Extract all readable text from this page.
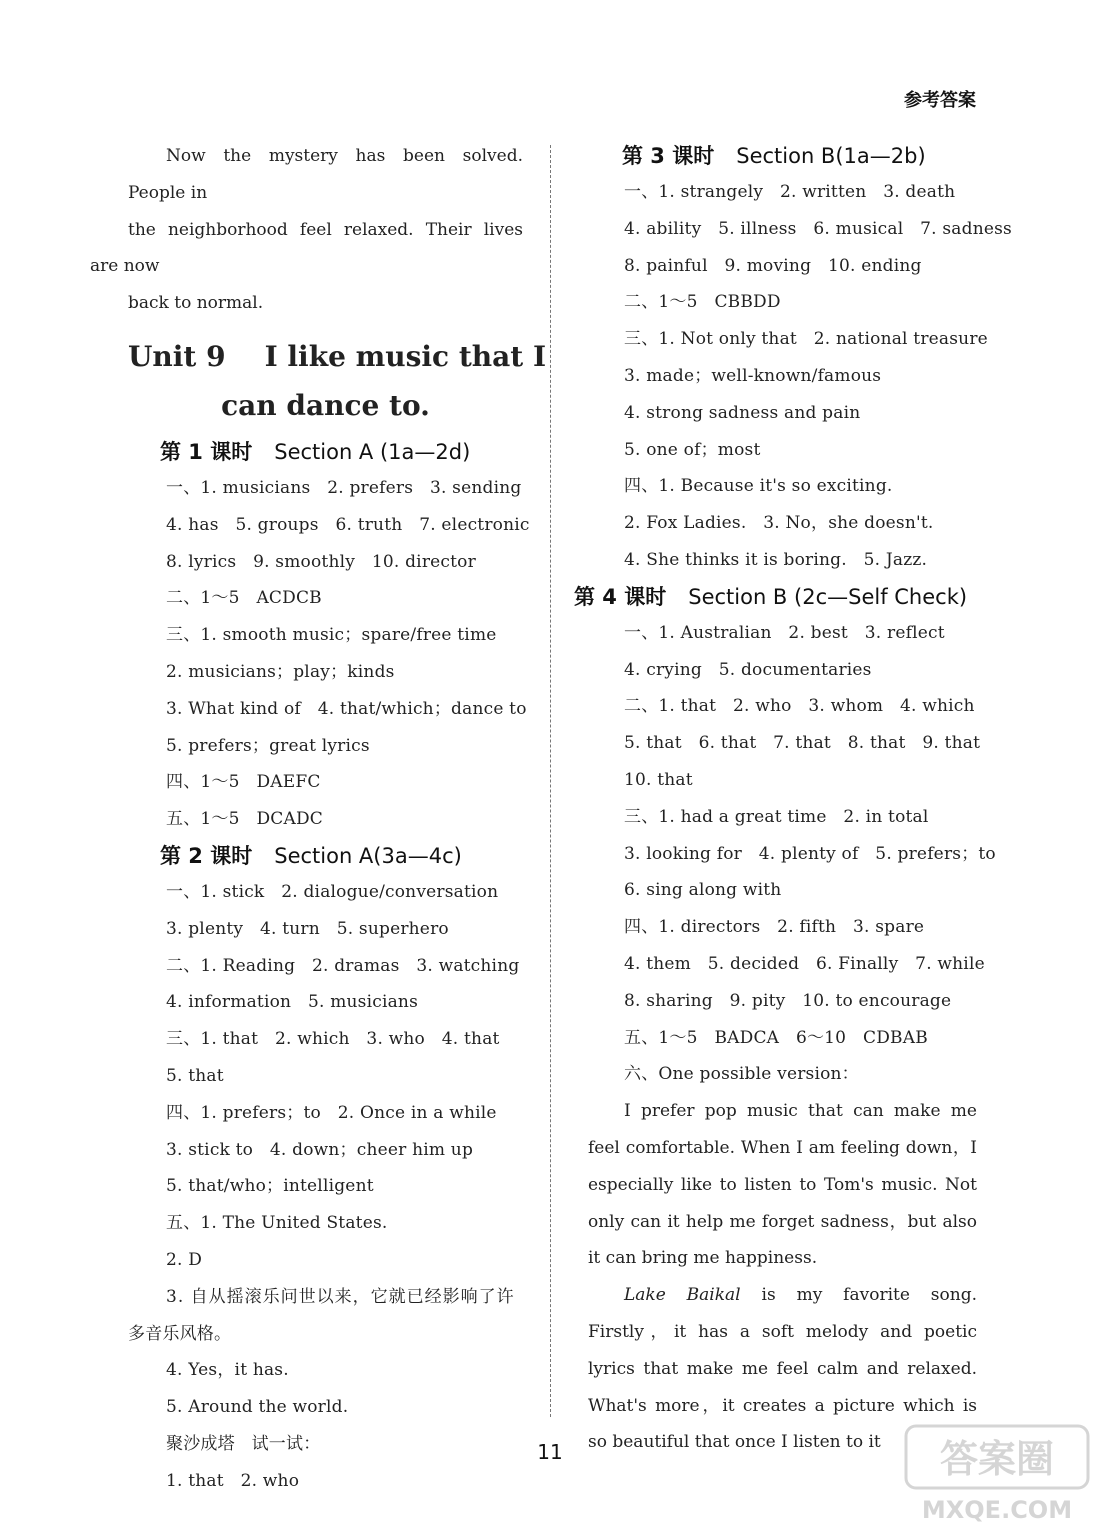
参考答案
Now the mystery has been solved. People in
the neighborhood feel relaxed. Their lives are now
back to normal.
Unit 9    I like music that I
can dance to.
第 1 课时 Section A (1a—2d)
一、1. musicians   2. prefers   3. sending
4. has   5. groups   6. truth   7. electronic
8. lyrics   9. smoothly   10. director
二、1～5   ACDCB
三、1. smooth music；spare/free time
2. musicians；play；kinds
3. What kind of   4. that/which；dance to
5. prefers；great lyrics
四、1～5   DAEFC
五、1～5   DCADC
第 2 课时 Section A(3a—4c)
一、1. stick   2. dialogue/conversation
3. plenty   4. turn   5. superhero
二、1. Reading   2. dramas   3. watching
4. information   5. musicians
三、1. that   2. which   3. who   4. that
5. that
四、1. prefers；to   2. Once in a while
3. stick to   4. down；cheer him up
5. that/who；intelligent
五、1. The United States.
2. D
3. 自从摇滚乐问世以来，它就已经影响了许
多音乐风格。
4. Yes，it has.
5. Around the world.
聚沙成塔   试一试：
1. that   2. who
第 3 课时 Section B(1a—2b)
一、1. strangely   2. written   3. death
4. ability   5. illness   6. musical   7. sadness
8. painful   9. moving   10. ending
二、1～5   CBBDD
三、1. Not only that   2. national treasure
3. made；well-known/famous
4. strong sadness and pain
5. one of；most
四、1. Because it's so exciting.
2. Fox Ladies.   3. No，she doesn't.
4. She thinks it is boring.   5. Jazz.
第 4 课时 Section B (2c—Self Check)
一、1. Australian   2. best   3. reflect
4. crying   5. documentaries
二、1. that   2. who   3. whom   4. which
5. that   6. that   7. that   8. that   9. that
10. that
三、1. had a great time   2. in total
3. looking for   4. plenty of   5. prefers；to
6. sing along with
四、1. directors   2. fifth   3. spare
4. them   5. decided   6. Finally   7. while
8. sharing   9. pity   10. to encourage
五、1～5   BADCA   6～10   CDBAB
六、One possible version：
I prefer pop music that can make me feel comfortable. When I am feeling down，I especially like to listen to Tom's music. Not only can it help me forget sadness，but also it can bring me happiness.
Lake Baikal is my favorite song. Firstly，it has a soft melody and poetic lyrics that make me feel calm and relaxed. What's more，it creates a picture which is so beautiful that once I listen to it
11	答案圈
MXQE.COM
